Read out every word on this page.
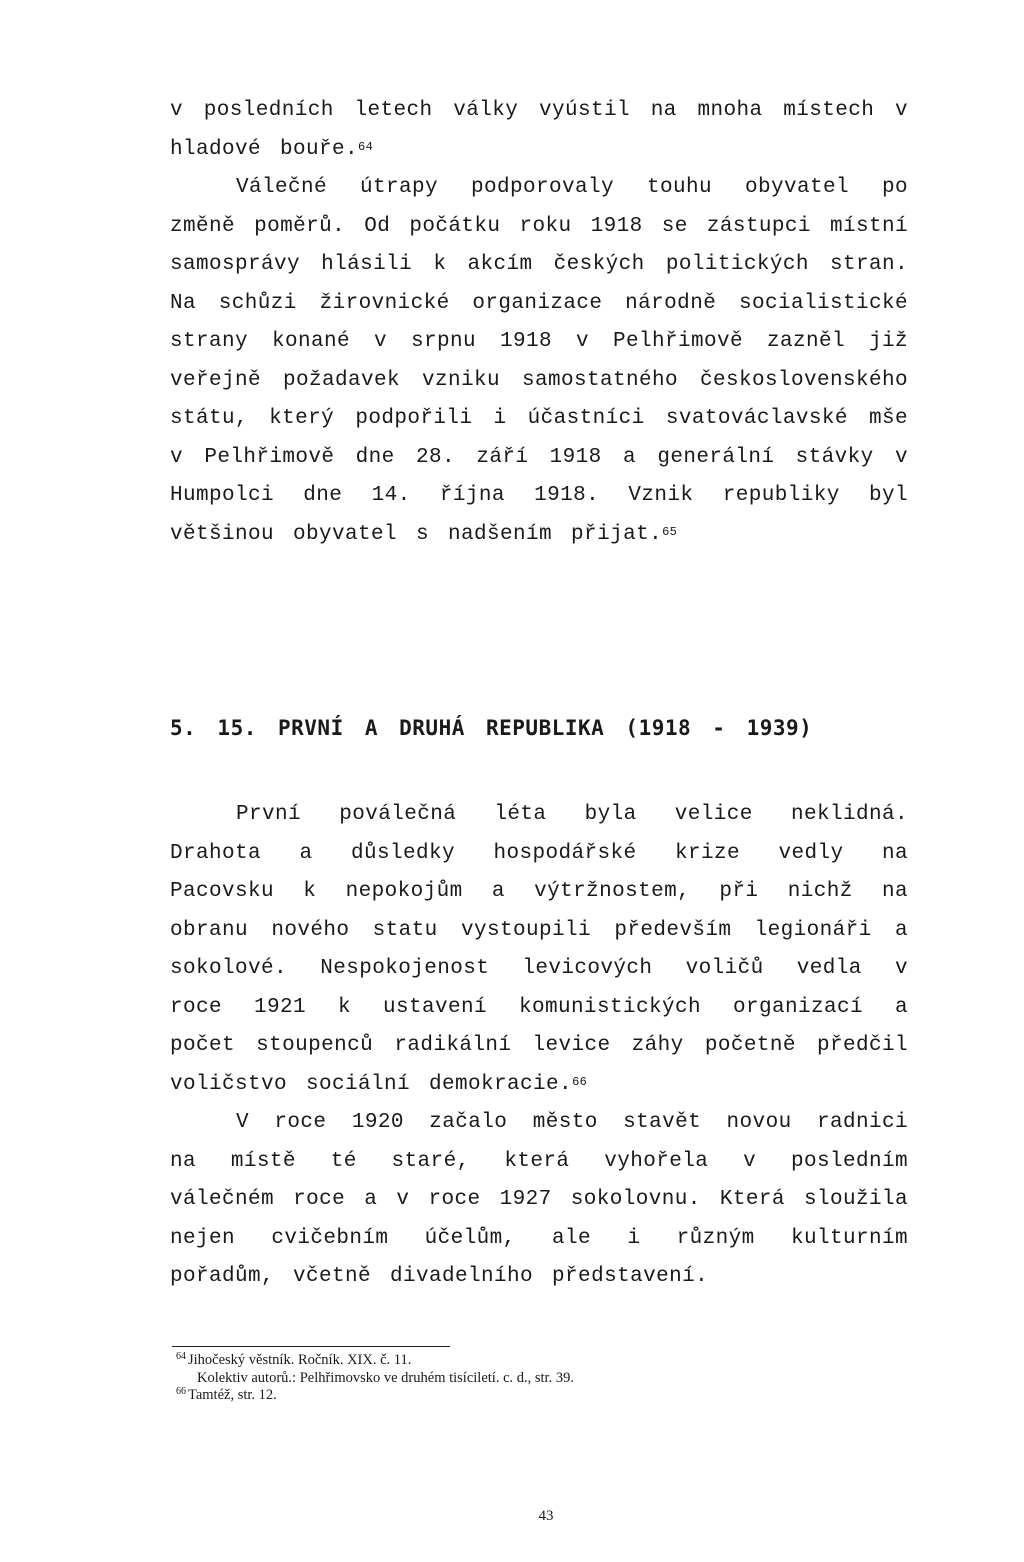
v posledních letech války vyústil na mnoha místech v hladové bouře.$^{64}$

Válečné útrapy podporovaly touhu obyvatel po změně poměrů. Od počátku roku 1918 se zástupci místní samosprávy hlásili k akcím českých politických stran. Na schůzi žirovnické organizace národně socialistické strany konané v srpnu 1918 v Pelhřimově zazněl již veřejně požadavek vzniku samostatného československého státu, který podpořili i účastníci svatováclavské mše v Pelhřimově dne 28. září 1918 a generální stávky v Humpolci dne 14. října 1918. Vznik republiky byl většinou obyvatel s nadšením přijat.$^{65}$

5. 15. PRVNÍ A DRUHÁ REPUBLIKA (1918 - 1939)

První poválečná léta byla velice neklidná. Drahota a důsledky hospodářské krize vedly na Pacovsku k nepokojům a výtržnostem, při nichž na obranu nového statu vystoupili především legionáři a sokolové. Nespokojenost levicových voličů vedla v roce 1921 k ustavení komunistických organizací a počet stoupenců radikální levice záhy početně předčil voličstvo sociální demokracie.$^{66}$

V roce 1920 začalo město stavět novou radnici na místě té staré, která vyhořela v posledním válečném roce a v roce 1927 sokolovnu. Která sloužila nejen cvičebním účelům, ale i různým kulturním pořadům, včetně divadelního představení.

$^{64}$ Jihočeský věstník. Ročník. XIX. č. 11.
Kolektiv autorů.: Pelhřimovsko ve druhém tisíciletí. c. d., str. 39.
$^{66}$ Tamtéž, str. 12.
43
